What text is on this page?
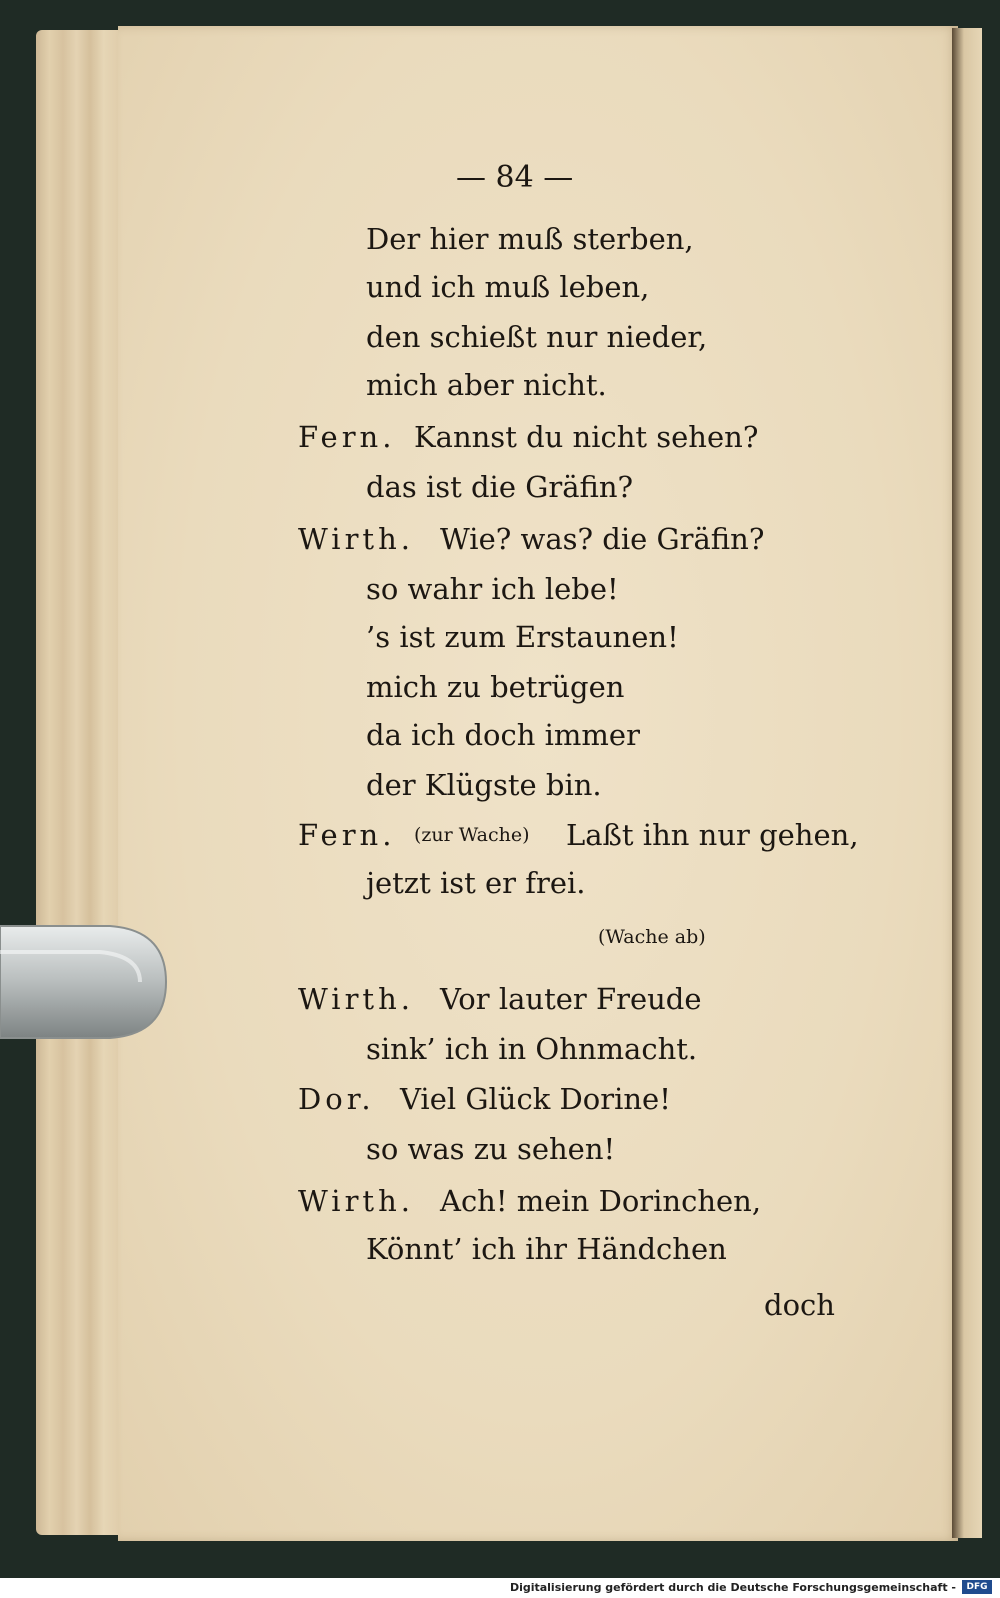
— 84 —
Der hier muß sterben,
und ich muß leben,
den schießt nur nieder,
mich aber nicht.
Fern. Kannst du nicht sehen?
das ist die Gräfin?
Wirth. Wie? was? die Gräfin?
so wahr ich lebe!
’s ist zum Erstaunen!
mich zu betrügen
da ich doch immer
der Klügste bin.
Fern. (zur Wache) Laßt ihn nur gehen,
jetzt ist er frei.
(Wache ab)
Wirth. Vor lauter Freude
sink’ ich in Ohnmacht.
Dor. Viel Glück Dorine!
so was zu sehen!
Wirth. Ach! mein Dorinchen,
Könnt’ ich ihr Händchen
doch
Digitalisierung gefördert durch die Deutsche Forschungsgemeinschaft -	DFG
